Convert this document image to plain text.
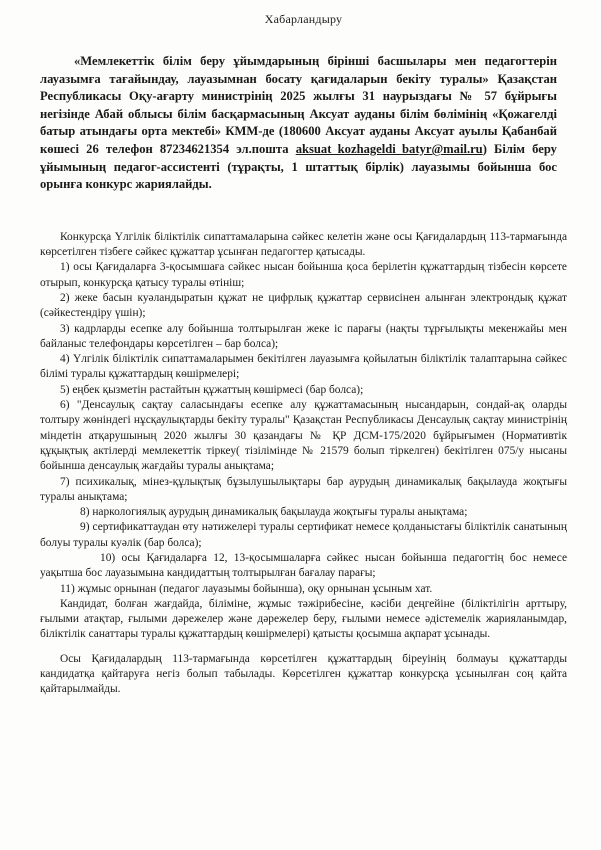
Хабарландыру

«Мемлекеттік білім беру ұйымдарының бірінші басшылары мен педагогтерін лауазымға тағайындау, лауазымнан босату қағидаларын бекіту туралы» Қазақстан Республикасы Оқу-ағарту министрінің 2025 жылғы 31 наурыздағы № 57 бұйрығы негізінде Абай облысы білім басқармасының Аксуат ауданы білім бөлімінің «Қожагелді батыр атындағы орта мектебі» КММ-де (180600 Аксуат ауданы Аксуат ауылы Қабанбай көшесі 26 телефон 87234621354 эл.пошта aksuat_kozhageldi_batyr@mail.ru) Білім беру ұйымының педагог-ассистенті (тұрақты, 1 штаттық бірлік) лауазымы бойынша бос орынға конкурс жариялайды.

Конкурсқа Үлгілік біліктілік сипаттамаларына сәйкес келетін және осы Қағидалардың 113-тармағында көрсетілген тізбеге сәйкес құжаттар ұсынған педагогтер қатысады.

1) осы Қағидаларға 3-қосымшаға сәйкес нысан бойынша қоса берілетін құжаттардың тізбесін көрсете отырып, конкурсқа қатысу туралы өтініш;

2) жеке басын куәландыратын құжат не цифрлық құжаттар сервисінен алынған электрондық құжат (сәйкестендіру үшін);

3) кадрларды есепке алу бойынша толтырылған жеке іс парағы (нақты тұрғылықты мекенжайы мен байланыс телефондары көрсетілген – бар болса);

4) Үлгілік біліктілік сипаттамаларымен бекітілген лауазымға қойылатын біліктілік талаптарына сәйкес білімі туралы құжаттардың көшірмелері;

5) еңбек қызметін растайтын құжаттың көшірмесі (бар болса);

6) "Денсаулық сақтау саласындағы есепке алу құжаттамасының нысандарын, сондай-ақ оларды толтыру жөніндегі нұсқаулықтарды бекіту туралы" Қазақстан Республикасы Денсаулық сақтау министрінің міндетін атқарушының 2020 жылғы 30 қазандағы № ҚР ДСМ-175/2020 бұйрығымен (Нормативтік құқықтық актілерді мемлекеттік тіркеу( тізілімінде № 21579 болып тіркелген) бекітілген 075/у нысаны бойынша денсаулық жағдайы туралы анықтама;

7) психикалық, мінез-құлықтық бұзылушылықтары бар аурудың динамикалық бақылауда жоқтығы туралы анықтама;

8) наркологиялық аурудың динамикалық бақылауда жоқтығы туралы анықтама;

9) сертификаттаудан өту нәтижелері туралы сертификат немесе қолданыстағы біліктілік санатының болуы туралы куәлік (бар болса);

10) осы Қағидаларға 12, 13-қосымшаларға сәйкес нысан бойынша педагогтің бос немесе уақытша бос лауазымына кандидаттың толтырылған бағалау парағы;

11) жұмыс орнынан (педагог лауазымы бойынша), оқу орнынан ұсыным хат.

Кандидат, болған жағдайда, біліміне, жұмыс тәжірибесіне, кәсіби деңгейіне (біліктілігін арттыру, ғылыми атақтар, ғылыми дәрежелер және дәрежелер беру, ғылыми немесе әдістемелік жарияланымдар, біліктілік санаттары туралы құжаттардың көшірмелері) қатысты қосымша ақпарат ұсынады.

Осы Қағидалардың 113-тармағында көрсетілген құжаттардың біреуінің болмауы құжаттарды кандидатқа қайтаруға негіз болып табылады. Көрсетілген құжаттар конкурсқа ұсынылған соң қайта қайтарылмайды.
